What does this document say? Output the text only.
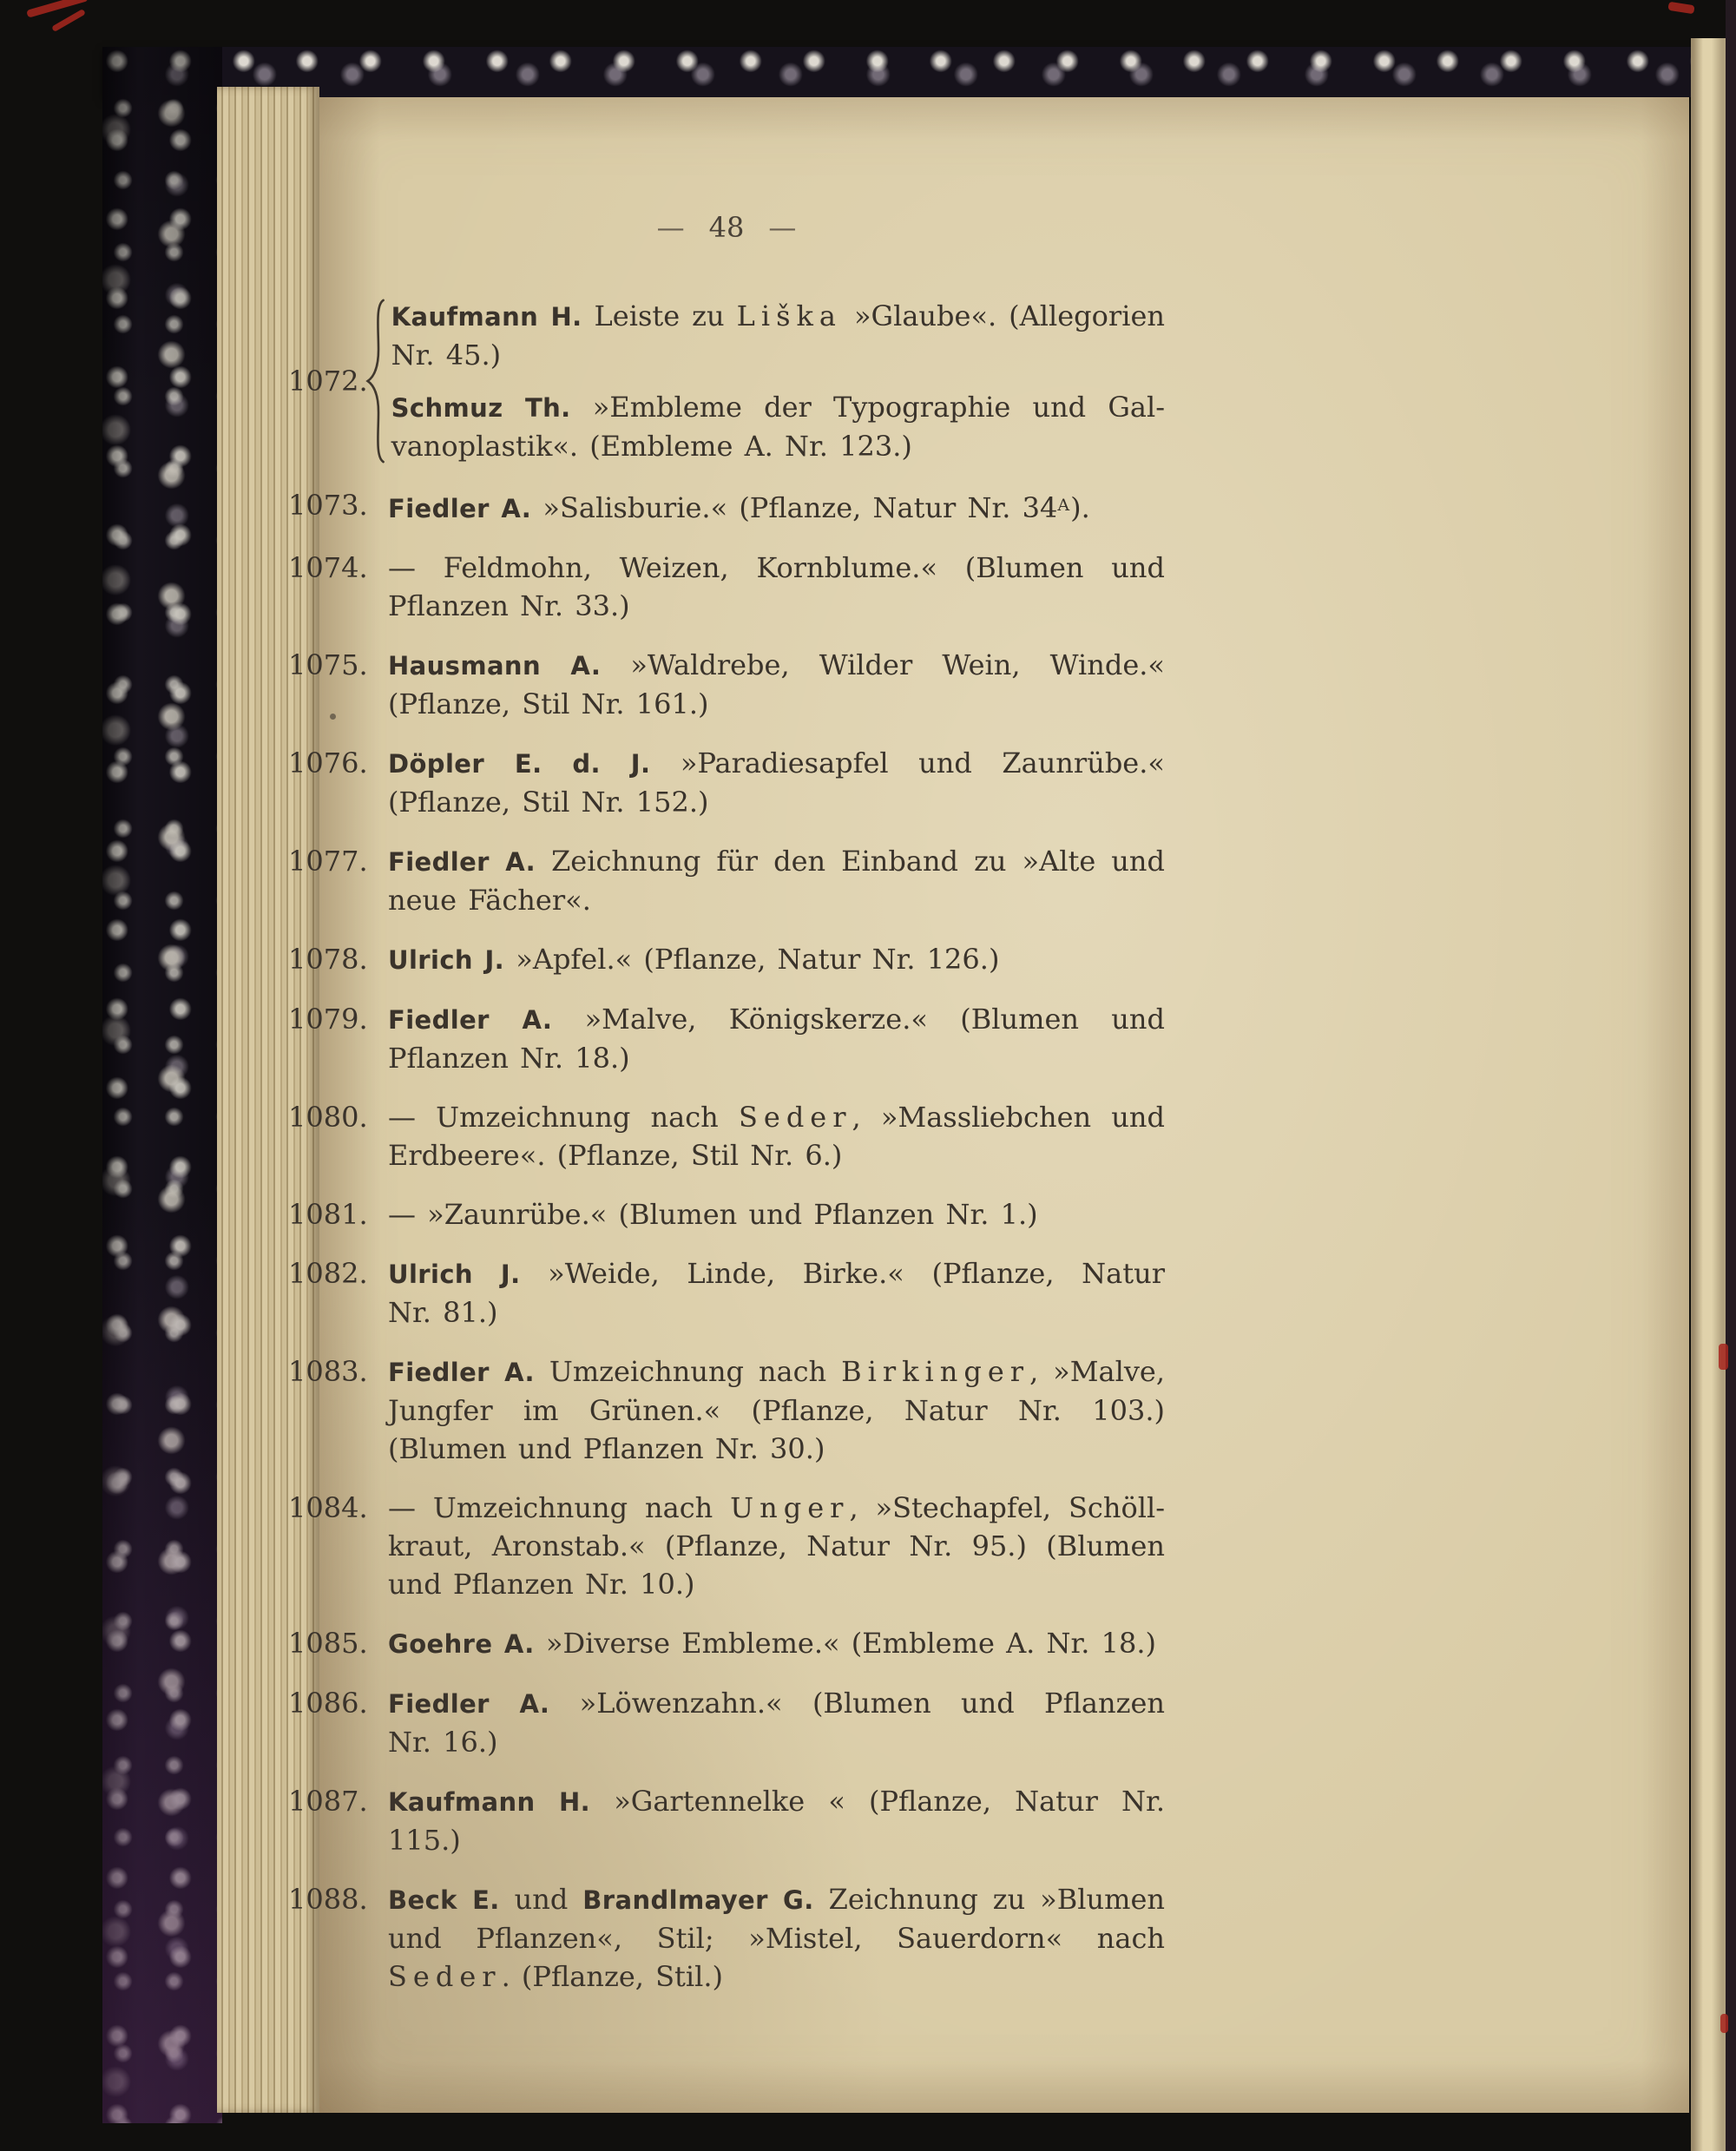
— 48 —
1072.
Kaufmann H. Leiste zu Liška »Glaube«. (Allegorien
Nr. 45.)
Schmuz Th. »Embleme der Typographie und Gal-
vanoplastik«. (Embleme A. Nr. 123.)
1073. Fiedler A. »Salisburie.« (Pflanze, Natur Nr. $34^A$).
1074. — Feldmohn, Weizen, Kornblume.« (Blumen und
Pflanzen Nr. 33.)
1075. Hausmann A. »Waldrebe, Wilder Wein, Winde.«
(Pflanze, Stil Nr. 161.)
1076. Döpler E. d. J. »Paradiesapfel und Zaunrübe.«
(Pflanze, Stil Nr. 152.)
1077. Fiedler A. Zeichnung für den Einband zu »Alte und
neue Fächer«.
1078. Ulrich J. »Apfel.« (Pflanze, Natur Nr. 126.)
1079. Fiedler A. »Malve, Königskerze.« (Blumen und
Pflanzen Nr. 18.)
1080. — Umzeichnung nach Seder, »Massliebchen und
Erdbeere«. (Pflanze, Stil Nr. 6.)
1081. — »Zaunrübe.« (Blumen und Pflanzen Nr. 1.)
1082. Ulrich J. »Weide, Linde, Birke.« (Pflanze, Natur
Nr. 81.)
1083. Fiedler A. Umzeichnung nach Birkinger, »Malve,
Jungfer im Grünen.« (Pflanze, Natur Nr. 103.)
(Blumen und Pflanzen Nr. 30.)
1084. — Umzeichnung nach Unger, »Stechapfel, Schöll-
kraut, Aronstab.« (Pflanze, Natur Nr. 95.) (Blumen
und Pflanzen Nr. 10.)
1085. Goehre A. »Diverse Embleme.« (Embleme A. Nr. 18.)
1086. Fiedler A. »Löwenzahn.« (Blumen und Pflanzen
Nr. 16.)
1087. Kaufmann H. »Gartennelke « (Pflanze, Natur Nr. 115.)
1088. Beck E. und Brandlmayer G. Zeichnung zu »Blumen
und Pflanzen«, Stil; »Mistel, Sauerdorn« nach
Seder. (Pflanze, Stil.)
